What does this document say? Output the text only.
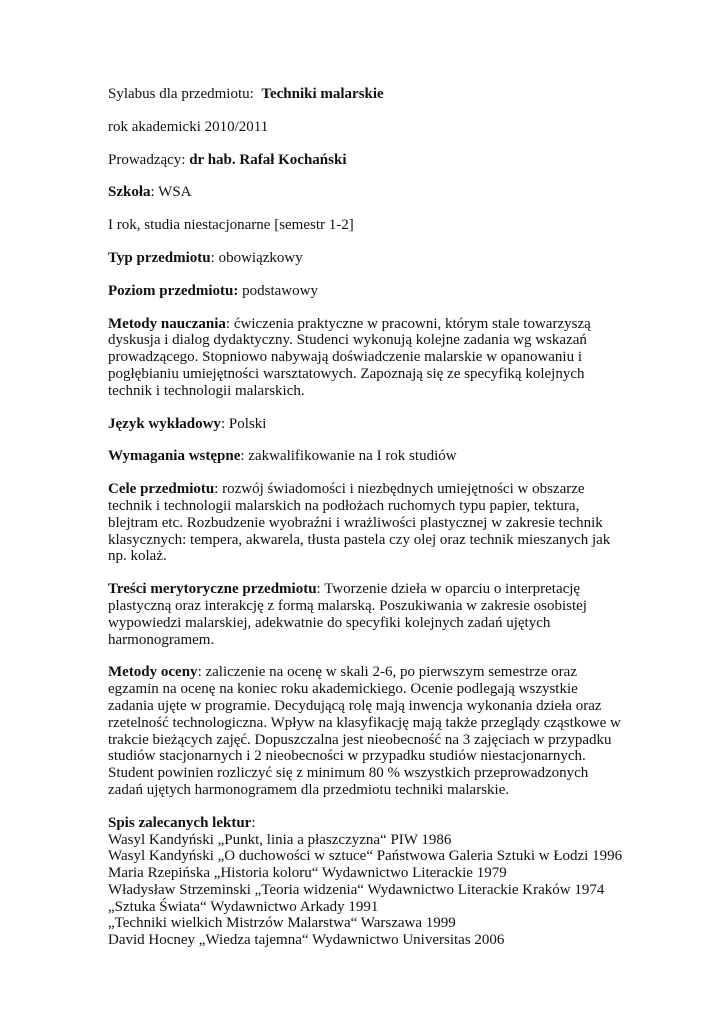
Sylabus dla przedmiotu:  Techniki malarskie

rok akademicki 2010/2011

Prowadzący: dr hab. Rafał Kochański

Szkoła: WSA

I rok, studia niestacjonarne [semestr 1-2]

Typ przedmiotu: obowiązkowy

Poziom przedmiotu: podstawowy

Metody nauczania: ćwiczenia praktyczne w pracowni, którym stale towarzyszą
dyskusja i dialog dydaktyczny. Studenci wykonują kolejne zadania wg wskazań
prowadzącego. Stopniowo nabywają doświadczenie malarskie w opanowaniu i
pogłębianiu umiejętności warsztatowych. Zapoznają się ze specyfiką kolejnych
technik i technologii malarskich.

Język wykładowy: Polski

Wymagania wstępne: zakwalifikowanie na I rok studiów

Cele przedmiotu: rozwój świadomości i niezbędnych umiejętności w obszarze
technik i technologii malarskich na podłożach ruchomych typu papier, tektura,
blejtram etc. Rozbudzenie wyobraźni i wrażliwości plastycznej w zakresie technik
klasycznych: tempera, akwarela, tłusta pastela czy olej oraz technik mieszanych jak
np. kolaż.

Treści merytoryczne przedmiotu: Tworzenie dzieła w oparciu o interpretację
plastyczną oraz interakcję z formą malarską. Poszukiwania w zakresie osobistej
wypowiedzi malarskiej, adekwatnie do specyfiki kolejnych zadań ujętych
harmonogramem.

Metody oceny: zaliczenie na ocenę w skali 2-6, po pierwszym semestrze oraz
egzamin na ocenę na koniec roku akademickiego. Ocenie podlegają wszystkie
zadania ujęte w programie. Decydującą rolę mają inwencja wykonania dzieła oraz
rzetelność technologiczna. Wpływ na klasyfikację mają także przeglądy cząstkowe w
trakcie bieżących zajęć. Dopuszczalna jest nieobecność na 3 zajęciach w przypadku
studiów stacjonarnych i 2 nieobecności w przypadku studiów niestacjonarnych.
Student powinien rozliczyć się z minimum 80 % wszystkich przeprowadzonych
zadań ujętych harmonogramem dla przedmiotu techniki malarskie.

Spis zalecanych lektur:

Wasyl Kandyński „Punkt, linia a płaszczyzna“ PIW 1986
Wasyl Kandyński „O duchowości w sztuce“ Państwowa Galeria Sztuki w Łodzi 1996
Maria Rzepińska „Historia koloru“ Wydawnictwo Literackie 1979
Władysław Strzeminski „Teoria widzenia“ Wydawnictwo Literackie Kraków 1974
„Sztuka Świata“ Wydawnictwo Arkady 1991
„Techniki wielkich Mistrzów Malarstwa“ Warszawa 1999
David Hocney „Wiedza tajemna“ Wydawnictwo Universitas 2006
